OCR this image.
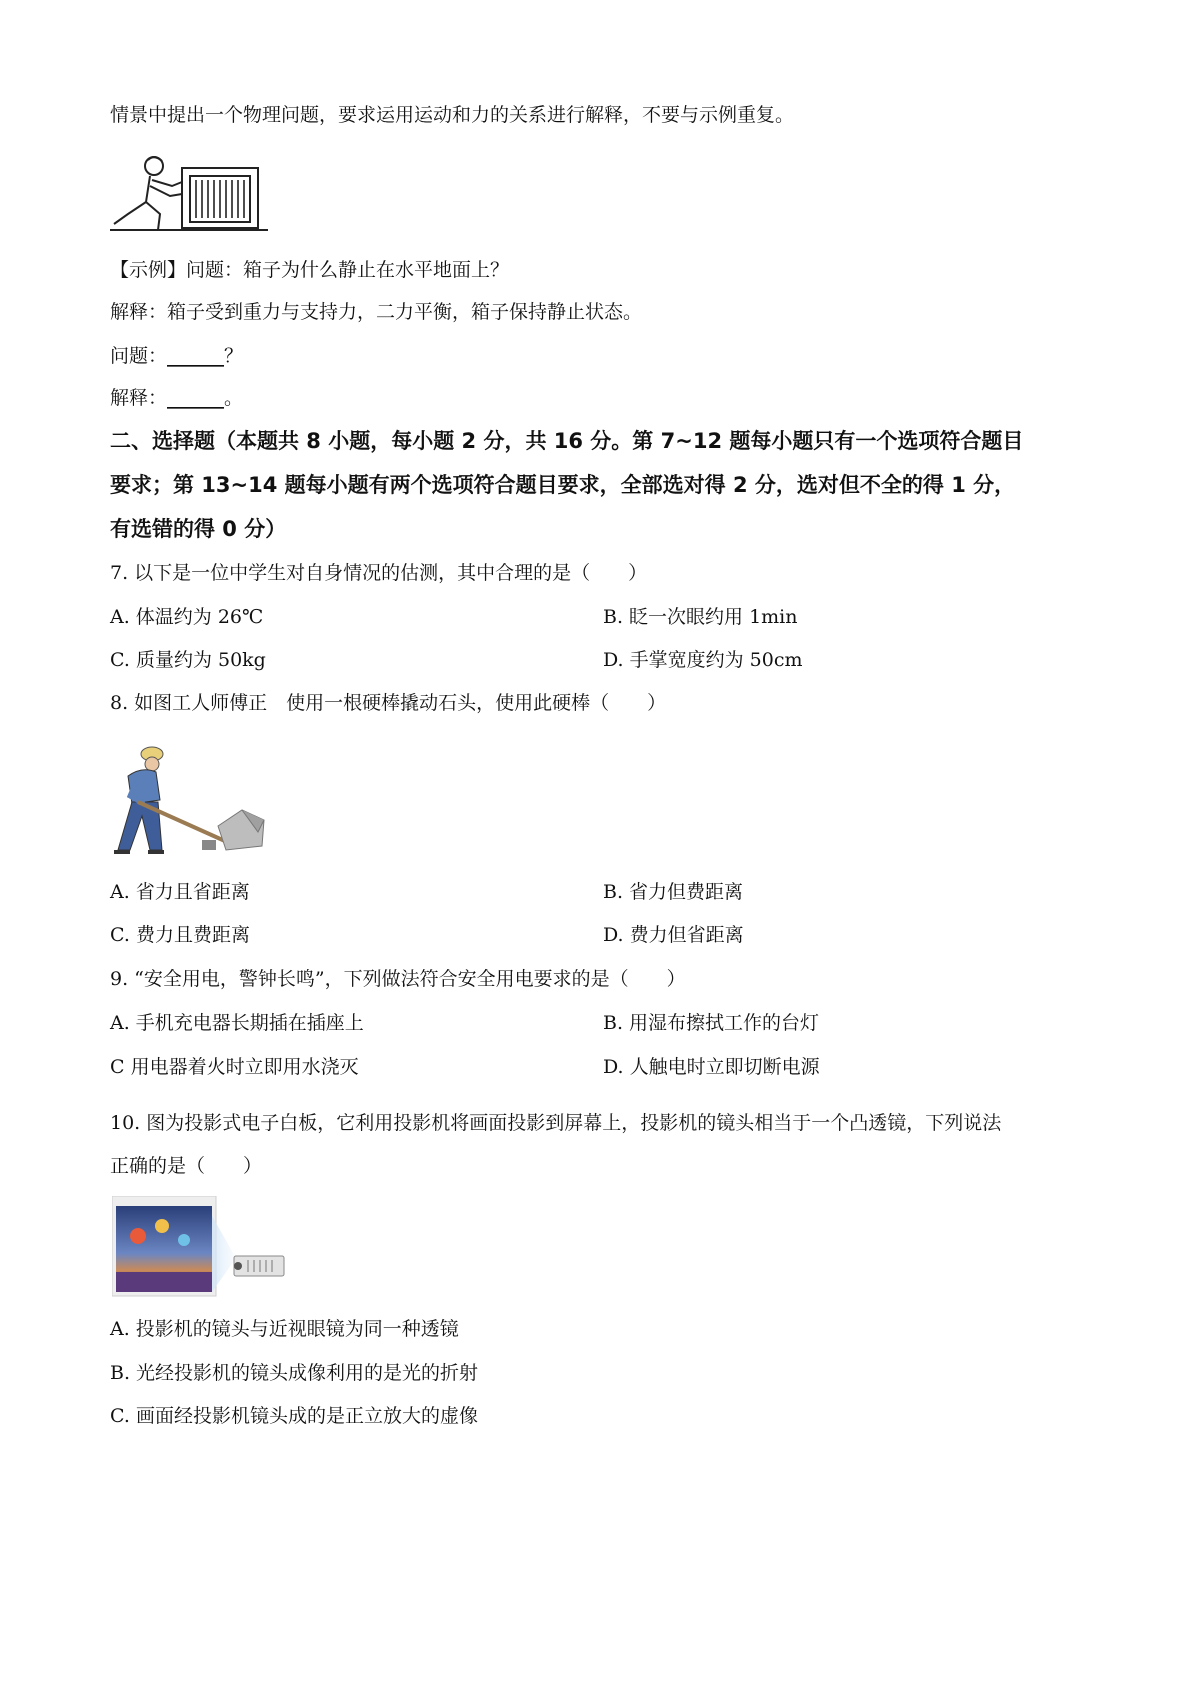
情景中提出一个物理问题，要求运用运动和力的关系进行解释，不要与示例重复。
【示例】问题：箱子为什么静止在水平地面上？
解释：箱子受到重力与支持力，二力平衡，箱子保持静止状态。
问题：______？
解释：______。
二、选择题（本题共 8 小题，每小题 2 分，共 16 分。第 7~12 题每小题只有一个选项符合题目
要求；第 13~14 题每小题有两个选项符合题目要求，全部选对得 2 分，选对但不全的得 1 分，
有选错的得 0 分）
7. 以下是一位中学生对自身情况的估测，其中合理的是（　　）
A. 体温约为 26℃	B. 眨一次眼约用 1min
C. 质量约为 50kg	D. 手掌宽度约为 50cm
8. 如图工人师傅正　使用一根硬棒撬动石头，使用此硬棒（　　）
A. 省力且省距离	B. 省力但费距离
C. 费力且费距离	D. 费力但省距离
9. “安全用电，警钟长鸣”，下列做法符合安全用电要求的是（　　）
A. 手机充电器长期插在插座上	B. 用湿布擦拭工作的台灯
C 用电器着火时立即用水浇灭	D. 人触电时立即切断电源
10. 图为投影式电子白板，它利用投影机将画面投影到屏幕上，投影机的镜头相当于一个凸透镜，下列说法
正确的是（　　）
A. 投影机的镜头与近视眼镜为同一种透镜
B. 光经投影机的镜头成像利用的是光的折射
C. 画面经投影机镜头成的是正立放大的虚像
